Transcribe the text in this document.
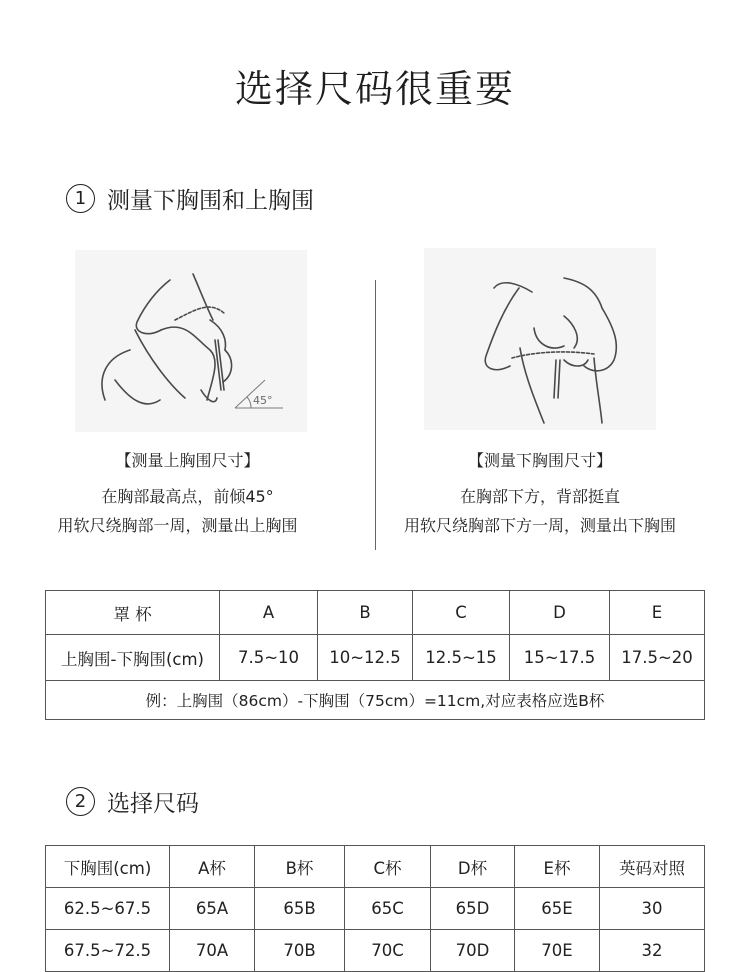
选择尺码很重要
1 测量下胸围和上胸围
45°
【测量上胸围尺寸】
在胸部最高点，前倾45°
用软尺绕胸部一周，测量出上胸围
【测量下胸围尺寸】
在胸部下方，背部挺直
用软尺绕胸部下方一周，测量出下胸围
罩 杯	A	B	C	D	E
上胸围-下胸围(cm)	7.5~10	10~12.5	12.5~15	15~17.5	17.5~20
例：上胸围（86cm）-下胸围（75cm）=11cm,对应表格应选B杯					
2 选择尺码
下胸围(cm)	A杯	B杯	C杯	D杯	E杯	英码对照
62.5~67.5	65A	65B	65C	65D	65E	30
67.5~72.5	70A	70B	70C	70D	70E	32
